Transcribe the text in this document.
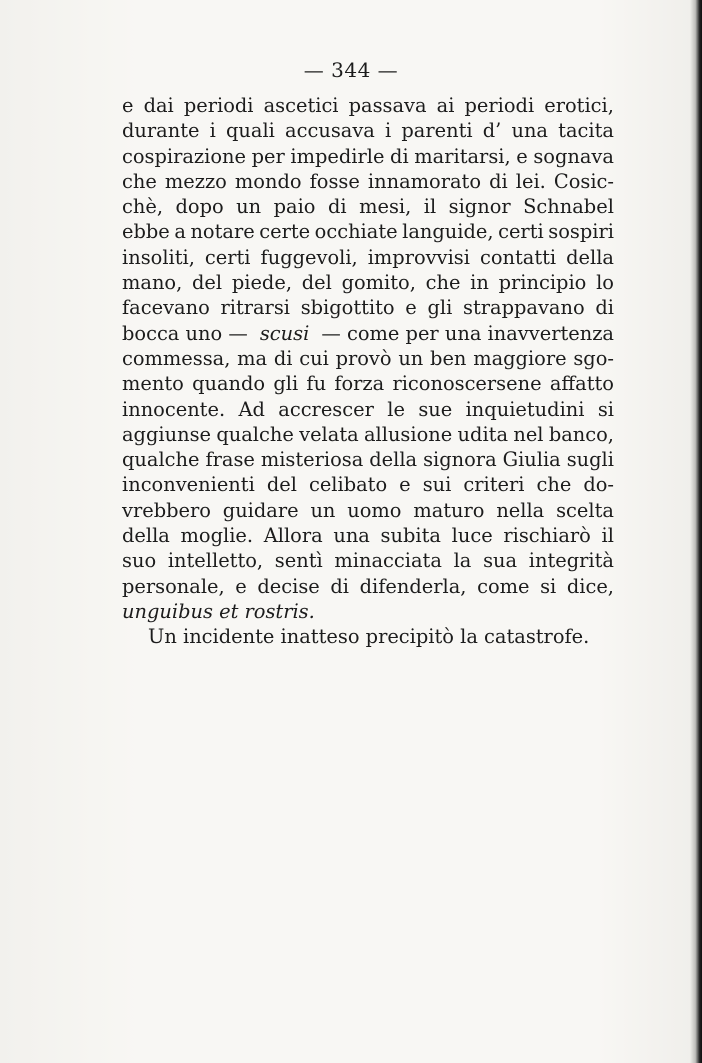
— 344 —
e dai periodi ascetici passava ai periodi erotici,
durante i quali accusava i parenti d’ una tacita
cospirazione per impedirle di maritarsi, e sognava
che mezzo mondo fosse innamorato di lei. Cosic-
chè, dopo un paio di mesi, il signor Schnabel
ebbe a notare certe occhiate languide, certi sospiri
insoliti, certi fuggevoli, improvvisi contatti della
mano, del piede, del gomito, che in principio lo
facevano ritrarsi sbigottito e gli strappavano di
bocca uno — scusi — come per una inavvertenza
commessa, ma di cui provò un ben maggiore sgo-
mento quando gli fu forza riconoscersene affatto
innocente. Ad accrescer le sue inquietudini si
aggiunse qualche velata allusione udita nel banco,
qualche frase misteriosa della signora Giulia sugli
inconvenienti del celibato e sui criteri che do-
vrebbero guidare un uomo maturo nella scelta
della moglie. Allora una subita luce rischiarò il
suo intelletto, sentì minacciata la sua integrità
personale, e decise di difenderla, come si dice,
unguibus et rostris.
Un incidente inatteso precipitò la catastrofe.
